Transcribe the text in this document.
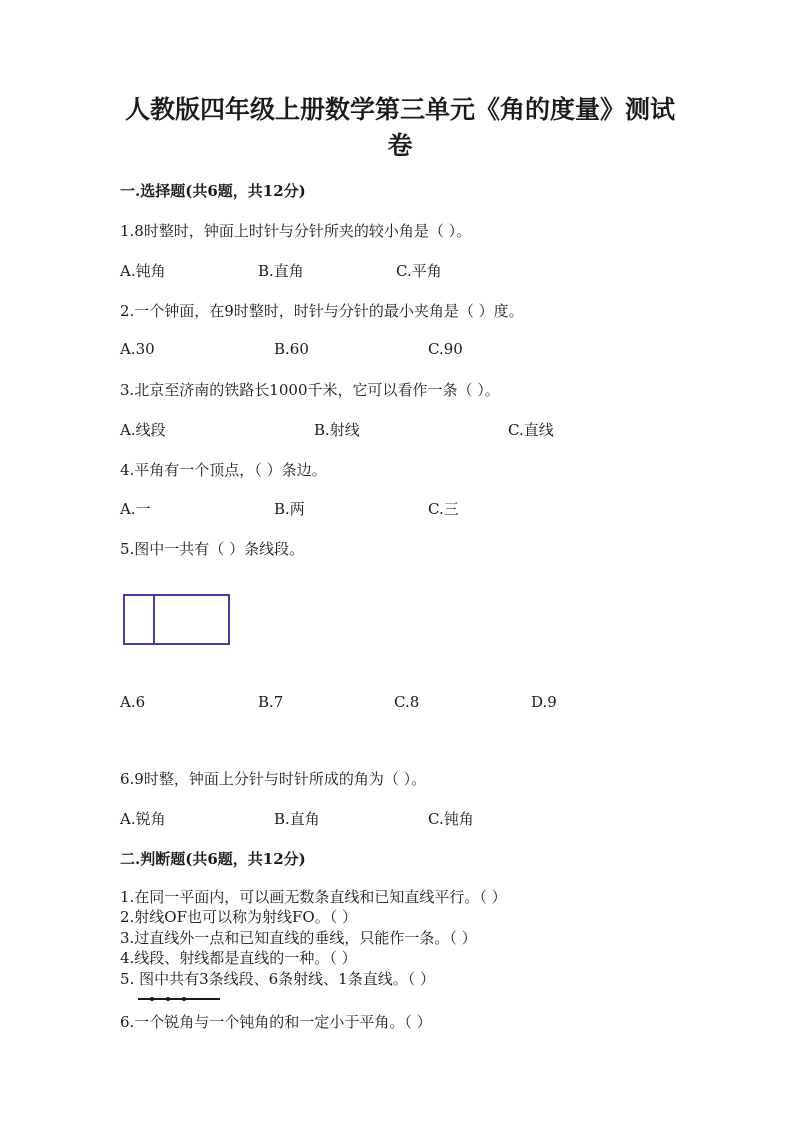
人教版四年级上册数学第三单元《角的度量》测试
卷
一.选择题(共6题，共12分)
1.8时整时，钟面上时针与分针所夹的较小角是（ ）。
A.钝角	B.直角	C.平角
2.一个钟面，在9时整时，时针与分针的最小夹角是（ ）度。
A.30	B.60	C.90
3.北京至济南的铁路长1000千米，它可以看作一条（ ）。
A.线段	B.射线	C.直线
4.平角有一个顶点，（ ）条边。
A.一	B.两	C.三
5.图中一共有（ ）条线段。
A.6	B.7	C.8	D.9
6.9时整，钟面上分针与时针所成的角为（ ）。
A.锐角	B.直角	C.钝角
二.判断题(共6题，共12分)
1.在同一平面内，可以画无数条直线和已知直线平行。（ ）
2.射线OF也可以称为射线FO。（ ）
3.过直线外一点和已知直线的垂线，只能作一条。（ ）
4.线段、射线都是直线的一种。（ ）
5. 图中共有3条线段、6条射线、1条直线。（ ）
6.一个锐角与一个钝角的和一定小于平角。（ ）
